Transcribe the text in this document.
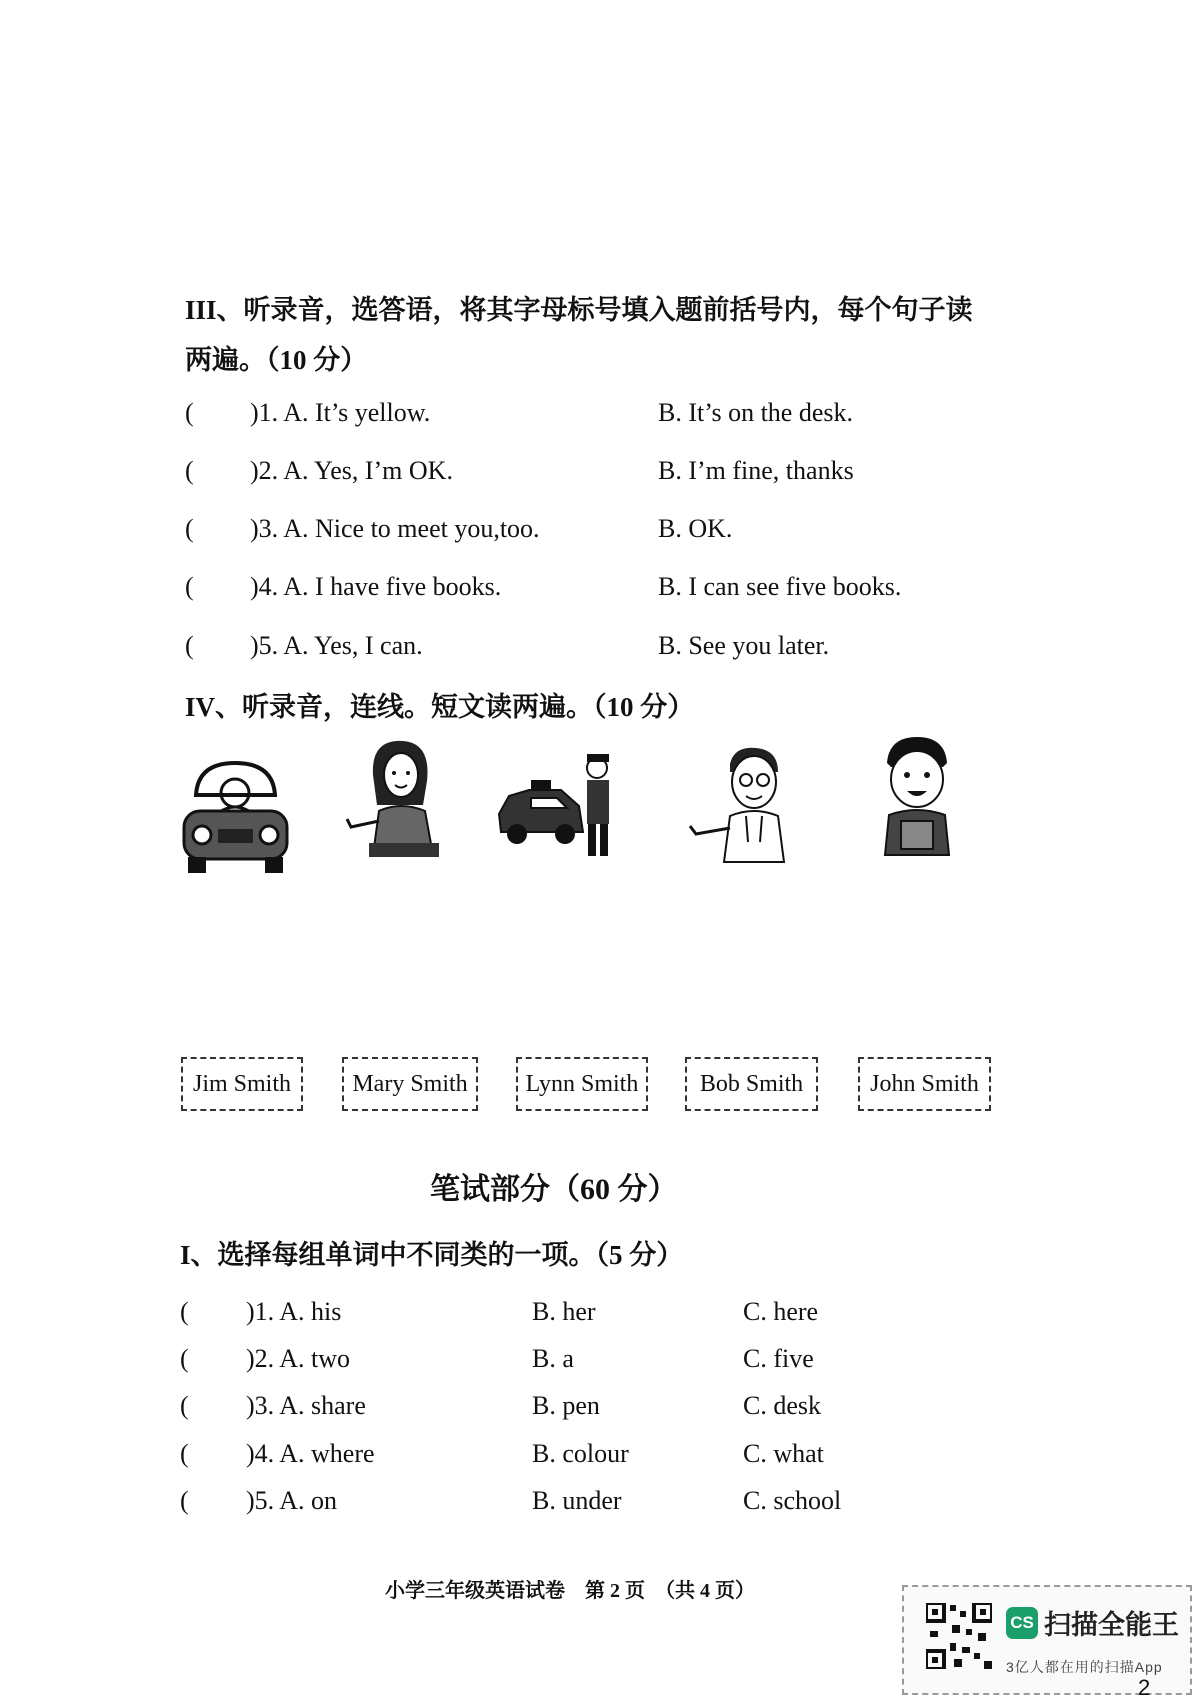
III、听录音，选答语，将其字母标号填入题前括号内，每个句子读
两遍。（10 分）
( )1. A. It’s yellow.	B. It’s on the desk.
( )2. A. Yes, I’m OK.	B. I’m fine, thanks
( )3. A. Nice to meet you,too.	B. OK.
( )4. A. I have five books.	B. I can see five books.
( )5. A. Yes, I can.	B. See you later.
IV、听录音，连线。短文读两遍。（10 分）
Jim Smith	Mary Smith	Lynn Smith	Bob Smith	John Smith
笔试部分（60 分）
I、选择每组单词中不同类的一项。（5 分）
( )1. A. his	B. her	C. here
( )2. A. two	B. a	C. five
( )3. A. share	B. pen	C. desk
( )4. A. where	B. colour	C. what
( )5. A. on	B. under	C. school
小学三年级英语试卷　第 2 页　（共 4 页）
CS 扫描全能王
3亿人都在用的扫描App
2
